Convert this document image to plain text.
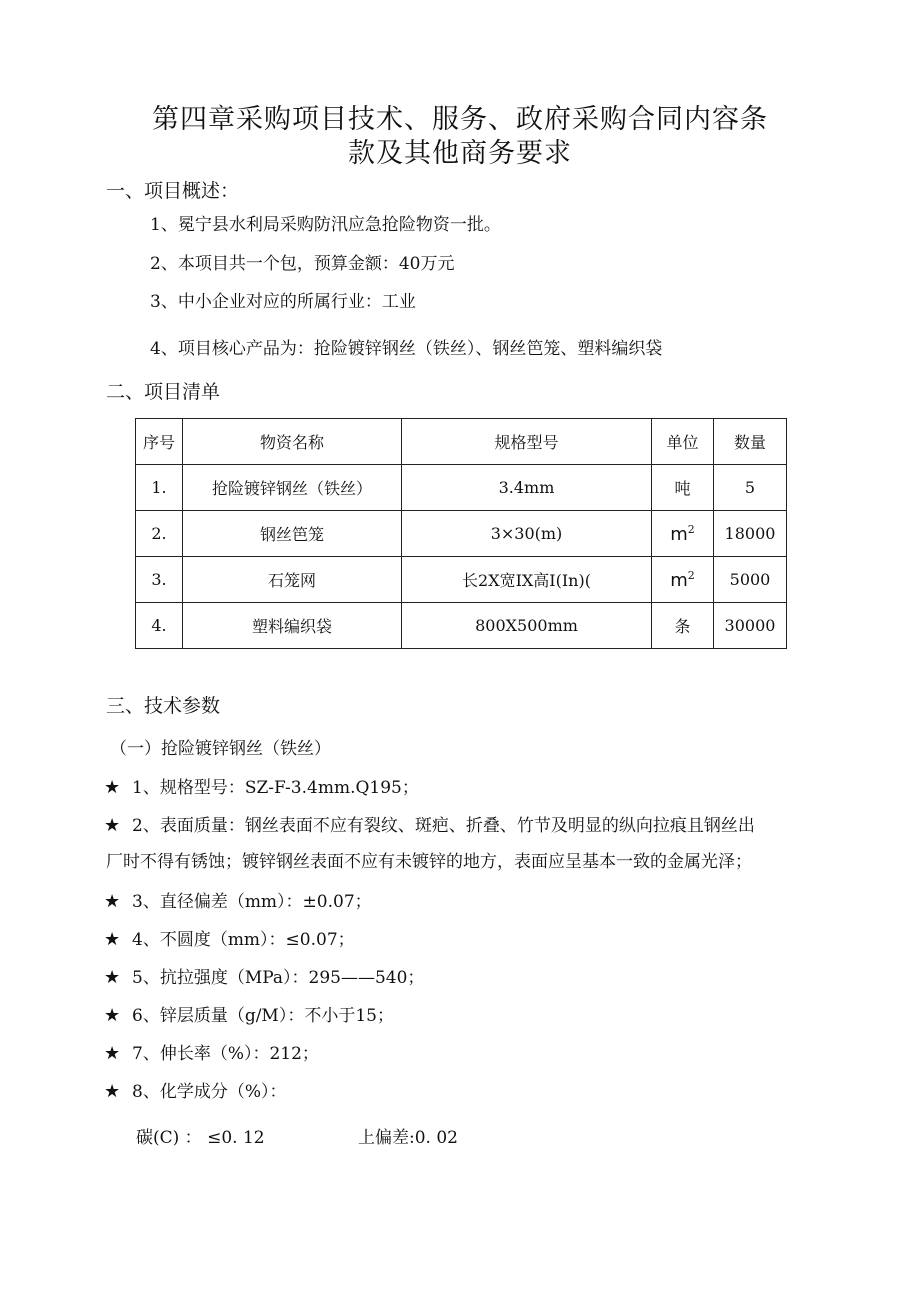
第四章采购项目技术、服务、政府采购合同内容条
款及其他商务要求
一、项目概述：
1、冕宁县水利局采购防汛应急抢险物资一批。
2、本项目共一个包，预算金额：40万元
3、中小企业对应的所属行业：工业
4、项目核心产品为：抢险镀锌钢丝（铁丝）、钢丝笆笼、塑料编织袋
二、项目清单
序号	物资名称	规格型号	单位	数量
1.	抢险镀锌钢丝（铁丝）	3.4mm	吨	5
2.	钢丝笆笼	3×30(m)	$m^2$	18000
3.	石笼网	长2X宽IX高I(In)(	$m^2$	5000
4.	塑料编织袋	800X500mm	条	30000
三、技术参数
（一）抢险镀锌钢丝（铁丝）
★ 1、规格型号：SZ-F-3.4mm.Q195；
★ 2、表面质量：钢丝表面不应有裂纹、斑疤、折叠、竹节及明显的纵向拉痕且钢丝出
厂时不得有锈蚀；镀锌钢丝表面不应有未镀锌的地方，表面应呈基本一致的金属光泽；
★ 3、直径偏差（mm）：±0.07；
★ 4、不圆度（mm）：≤0.07；
★ 5、抗拉强度（MPa）：295——540；
★ 6、锌层质量（g/M）：不小于15；
★ 7、伸长率（%）：212；
★ 8、化学成分（%）：
碳(C) ： ≤0. 12	上偏差:0. 02
